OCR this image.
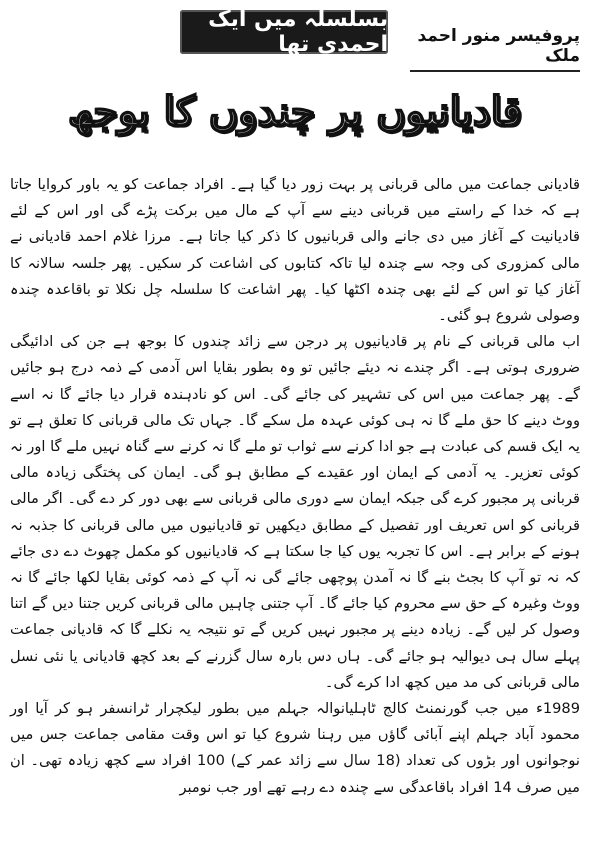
بسلسلہ میں ایک احمدی تھا	پروفیسر منور احمد ملک
قادیانیوں پر چندوں کا بوجھ

قادیانی جماعت میں مالی قربانی پر بہت زور دیا گیا ہے۔ افراد جماعت کو یہ باور کروایا جاتا ہے کہ خدا کے راستے میں قربانی دینے سے آپ کے مال میں برکت پڑے گی اور اس کے لئے قادیانیت کے آغاز میں دی جانے والی قربانیوں کا ذکر کیا جاتا ہے۔ مرزا غلام احمد قادیانی نے مالی کمزوری کی وجہ سے چندہ لیا تاکہ کتابوں کی اشاعت کر سکیں۔ پھر جلسہ سالانہ کا آغاز کیا تو اس کے لئے بھی چندہ اکٹھا کیا۔ پھر اشاعت کا سلسلہ چل نکلا تو باقاعدہ چندہ وصولی شروع ہو گئی۔

اب مالی قربانی کے نام پر قادیانیوں پر درجن سے زائد چندوں کا بوجھ ہے جن کی ادائیگی ضروری ہوتی ہے۔ اگر چندے نہ دیئے جائیں تو وہ بطور بقایا اس آدمی کے ذمہ درج ہو جائیں گے۔ پھر جماعت میں اس کی تشہیر کی جائے گی۔ اس کو نادہندہ قرار دیا جائے گا نہ اسے ووٹ دینے کا حق ملے گا نہ ہی کوئی عہدہ مل سکے گا۔ جہاں تک مالی قربانی کا تعلق ہے تو یہ ایک قسم کی عبادت ہے جو ادا کرنے سے ثواب تو ملے گا نہ کرنے سے گناہ نہیں ملے گا اور نہ کوئی تعزیر۔ یہ آدمی کے ایمان اور عقیدے کے مطابق ہو گی۔ ایمان کی پختگی زیادہ مالی قربانی پر مجبور کرے گی جبکہ ایمان سے دوری مالی قربانی سے بھی دور کر دے گی۔ اگر مالی قربانی کو اس تعریف اور تفصیل کے مطابق دیکھیں تو قادیانیوں میں مالی قربانی کا جذبہ نہ ہونے کے برابر ہے۔ اس کا تجربہ یوں کیا جا سکتا ہے کہ قادیانیوں کو مکمل چھوٹ دے دی جائے کہ نہ تو آپ کا بجٹ بنے گا نہ آمدن پوچھی جائے گی نہ آپ کے ذمہ کوئی بقایا لکھا جائے گا نہ ووٹ وغیرہ کے حق سے محروم کیا جائے گا۔ آپ جتنی چاہیں مالی قربانی کریں جتنا دیں گے اتنا وصول کر لیں گے۔ زیادہ دینے پر مجبور نہیں کریں گے تو نتیجہ یہ نکلے گا کہ قادیانی جماعت پہلے سال ہی دیوالیہ ہو جائے گی۔ ہاں دس بارہ سال گزرنے کے بعد کچھ قادیانی یا نئی نسل مالی قربانی کی مد میں کچھ ادا کرے گی۔

1989ء میں جب گورنمنٹ کالج ٹاہلیانوالہ جہلم میں بطور لیکچرار ٹرانسفر ہو کر آیا اور محمود آباد جہلم اپنے آبائی گاؤں میں رہنا شروع کیا تو اس وقت مقامی جماعت جس میں نوجوانوں اور بڑوں کی تعداد (18 سال سے زائد عمر کے) 100 افراد سے کچھ زیادہ تھی۔ ان میں صرف 14 افراد باقاعدگی سے چندہ دے رہے تھے اور جب نومبر
